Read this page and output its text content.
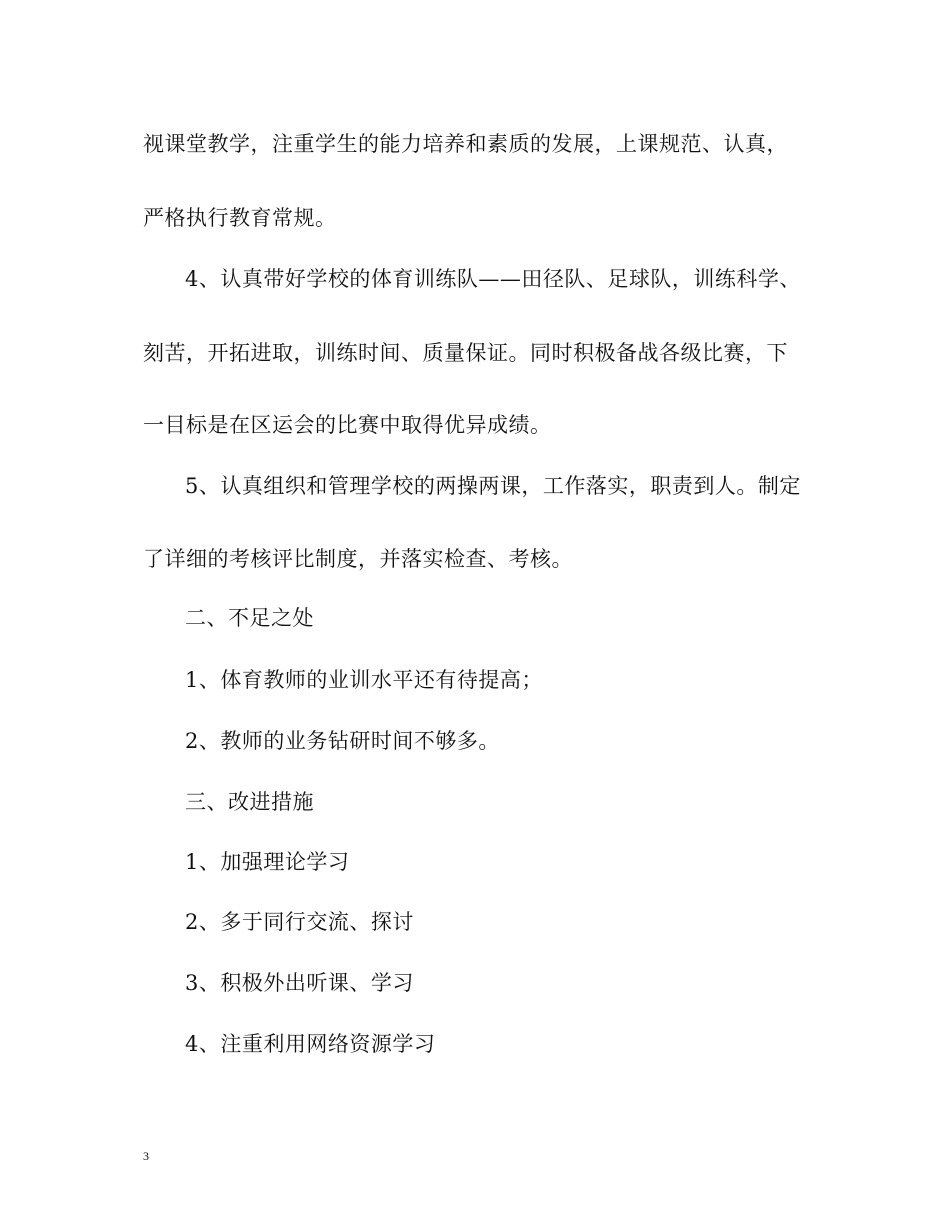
视课堂教学，注重学生的能力培养和素质的发展，上课规范、认真，
严格执行教育常规。
4、认真带好学校的体育训练队——田径队、足球队，训练科学、
刻苦，开拓进取，训练时间、质量保证。同时积极备战各级比赛，下
一目标是在区运会的比赛中取得优异成绩。
5、认真组织和管理学校的两操两课，工作落实，职责到人。制定
了详细的考核评比制度，并落实检查、考核。
二、不足之处
1、体育教师的业训水平还有待提高；
2、教师的业务钻研时间不够多。
三、改进措施
1、加强理论学习
2、多于同行交流、探讨
3、积极外出听课、学习
4、注重利用网络资源学习
3
